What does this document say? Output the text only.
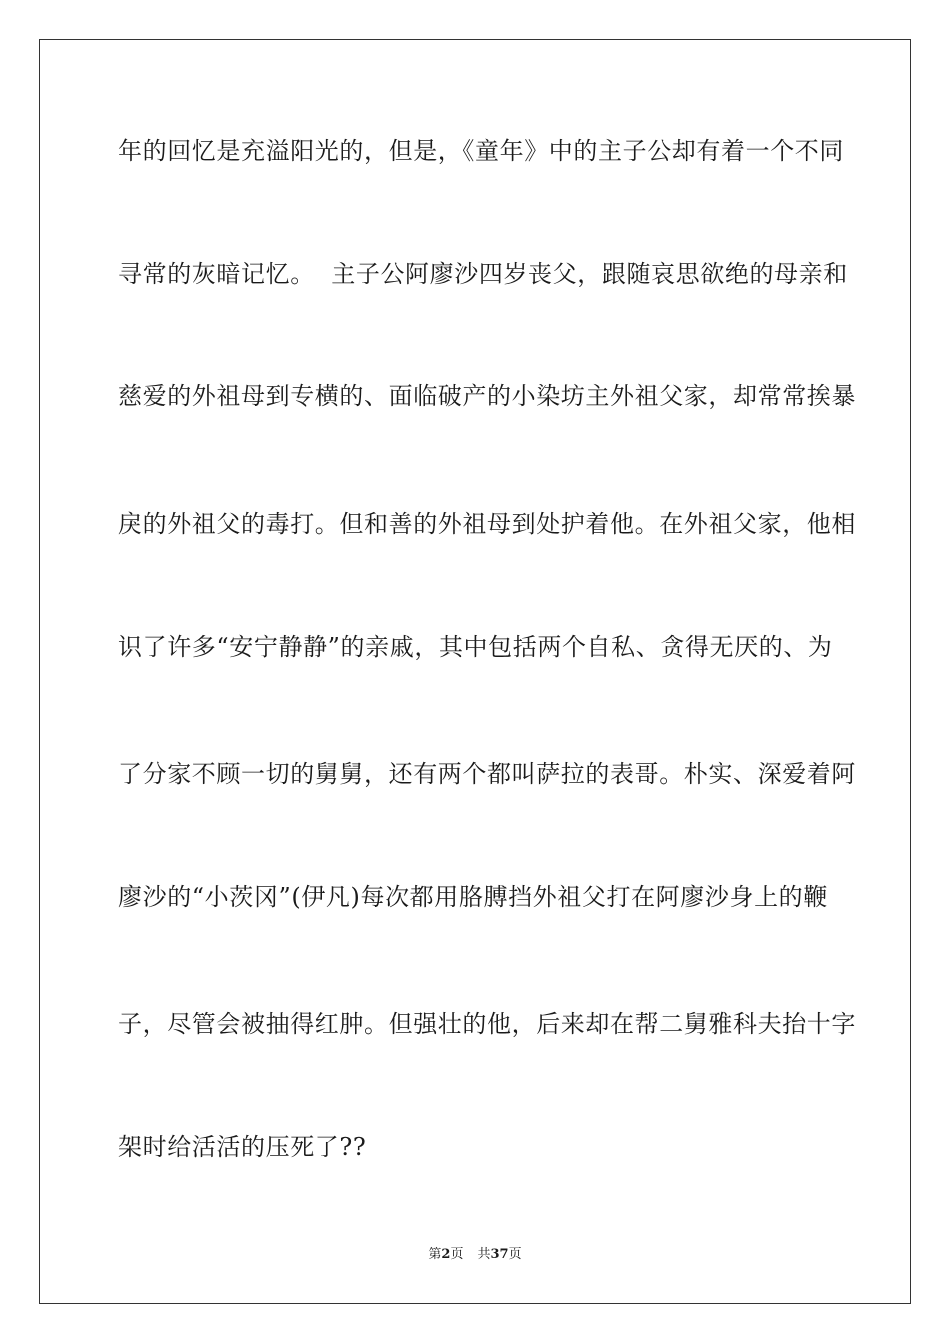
年的回忆是充溢阳光的，但是，《童年》中的主子公却有着一个不同
寻常的灰暗记忆。  主子公阿廖沙四岁丧父，跟随哀思欲绝的母亲和
慈爱的外祖母到专横的、面临破产的小染坊主外祖父家，却常常挨暴
戾的外祖父的毒打。但和善的外祖母到处护着他。在外祖父家，他相
识了许多“安宁静静”的亲戚，其中包括两个自私、贪得无厌的、为
了分家不顾一切的舅舅，还有两个都叫萨拉的表哥。朴实、深爱着阿
廖沙的“小茨冈”(伊凡)每次都用胳膊挡外祖父打在阿廖沙身上的鞭
子，尽管会被抽得红肿。但强壮的他，后来却在帮二舅雅科夫抬十字
架时给活活的压死了??
第2页 共37页
